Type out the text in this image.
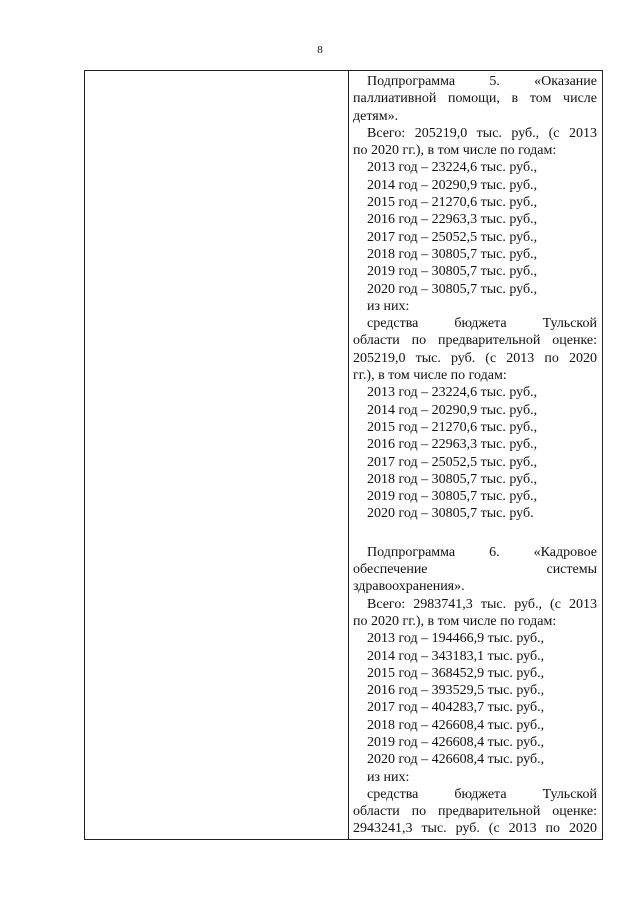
8
Подпрограмма 5. «Оказание
паллиативной помощи, в том числе
детям».
Всего: 205219,0 тыс. руб., (с 2013
по 2020 гг.), в том числе по годам:
2013 год – 23224,6 тыс. руб.,
2014 год – 20290,9 тыс. руб.,
2015 год – 21270,6 тыс. руб.,
2016 год – 22963,3 тыс. руб.,
2017 год – 25052,5 тыс. руб.,
2018 год – 30805,7 тыс. руб.,
2019 год – 30805,7 тыс. руб.,
2020 год – 30805,7 тыс. руб.,
из них:
средства бюджета Тульской
области по предварительной оценке:
205219,0 тыс. руб. (с 2013 по 2020
гг.), в том числе по годам:
2013 год – 23224,6 тыс. руб.,
2014 год – 20290,9 тыс. руб.,
2015 год – 21270,6 тыс. руб.,
2016 год – 22963,3 тыс. руб.,
2017 год – 25052,5 тыс. руб.,
2018 год – 30805,7 тыс. руб.,
2019 год – 30805,7 тыс. руб.,
2020 год – 30805,7 тыс. руб.
Подпрограмма 6. «Кадровое
обеспечение системы
здравоохранения».
Всего: 2983741,3 тыс. руб., (с 2013
по 2020 гг.), в том числе по годам:
2013 год – 194466,9 тыс. руб.,
2014 год – 343183,1 тыс. руб.,
2015 год – 368452,9 тыс. руб.,
2016 год – 393529,5 тыс. руб.,
2017 год – 404283,7 тыс. руб.,
2018 год – 426608,4 тыс. руб.,
2019 год – 426608,4 тыс. руб.,
2020 год – 426608,4 тыс. руб.,
из них:
средства бюджета Тульской
области по предварительной оценке:
2943241,3 тыс. руб. (с 2013 по 2020
